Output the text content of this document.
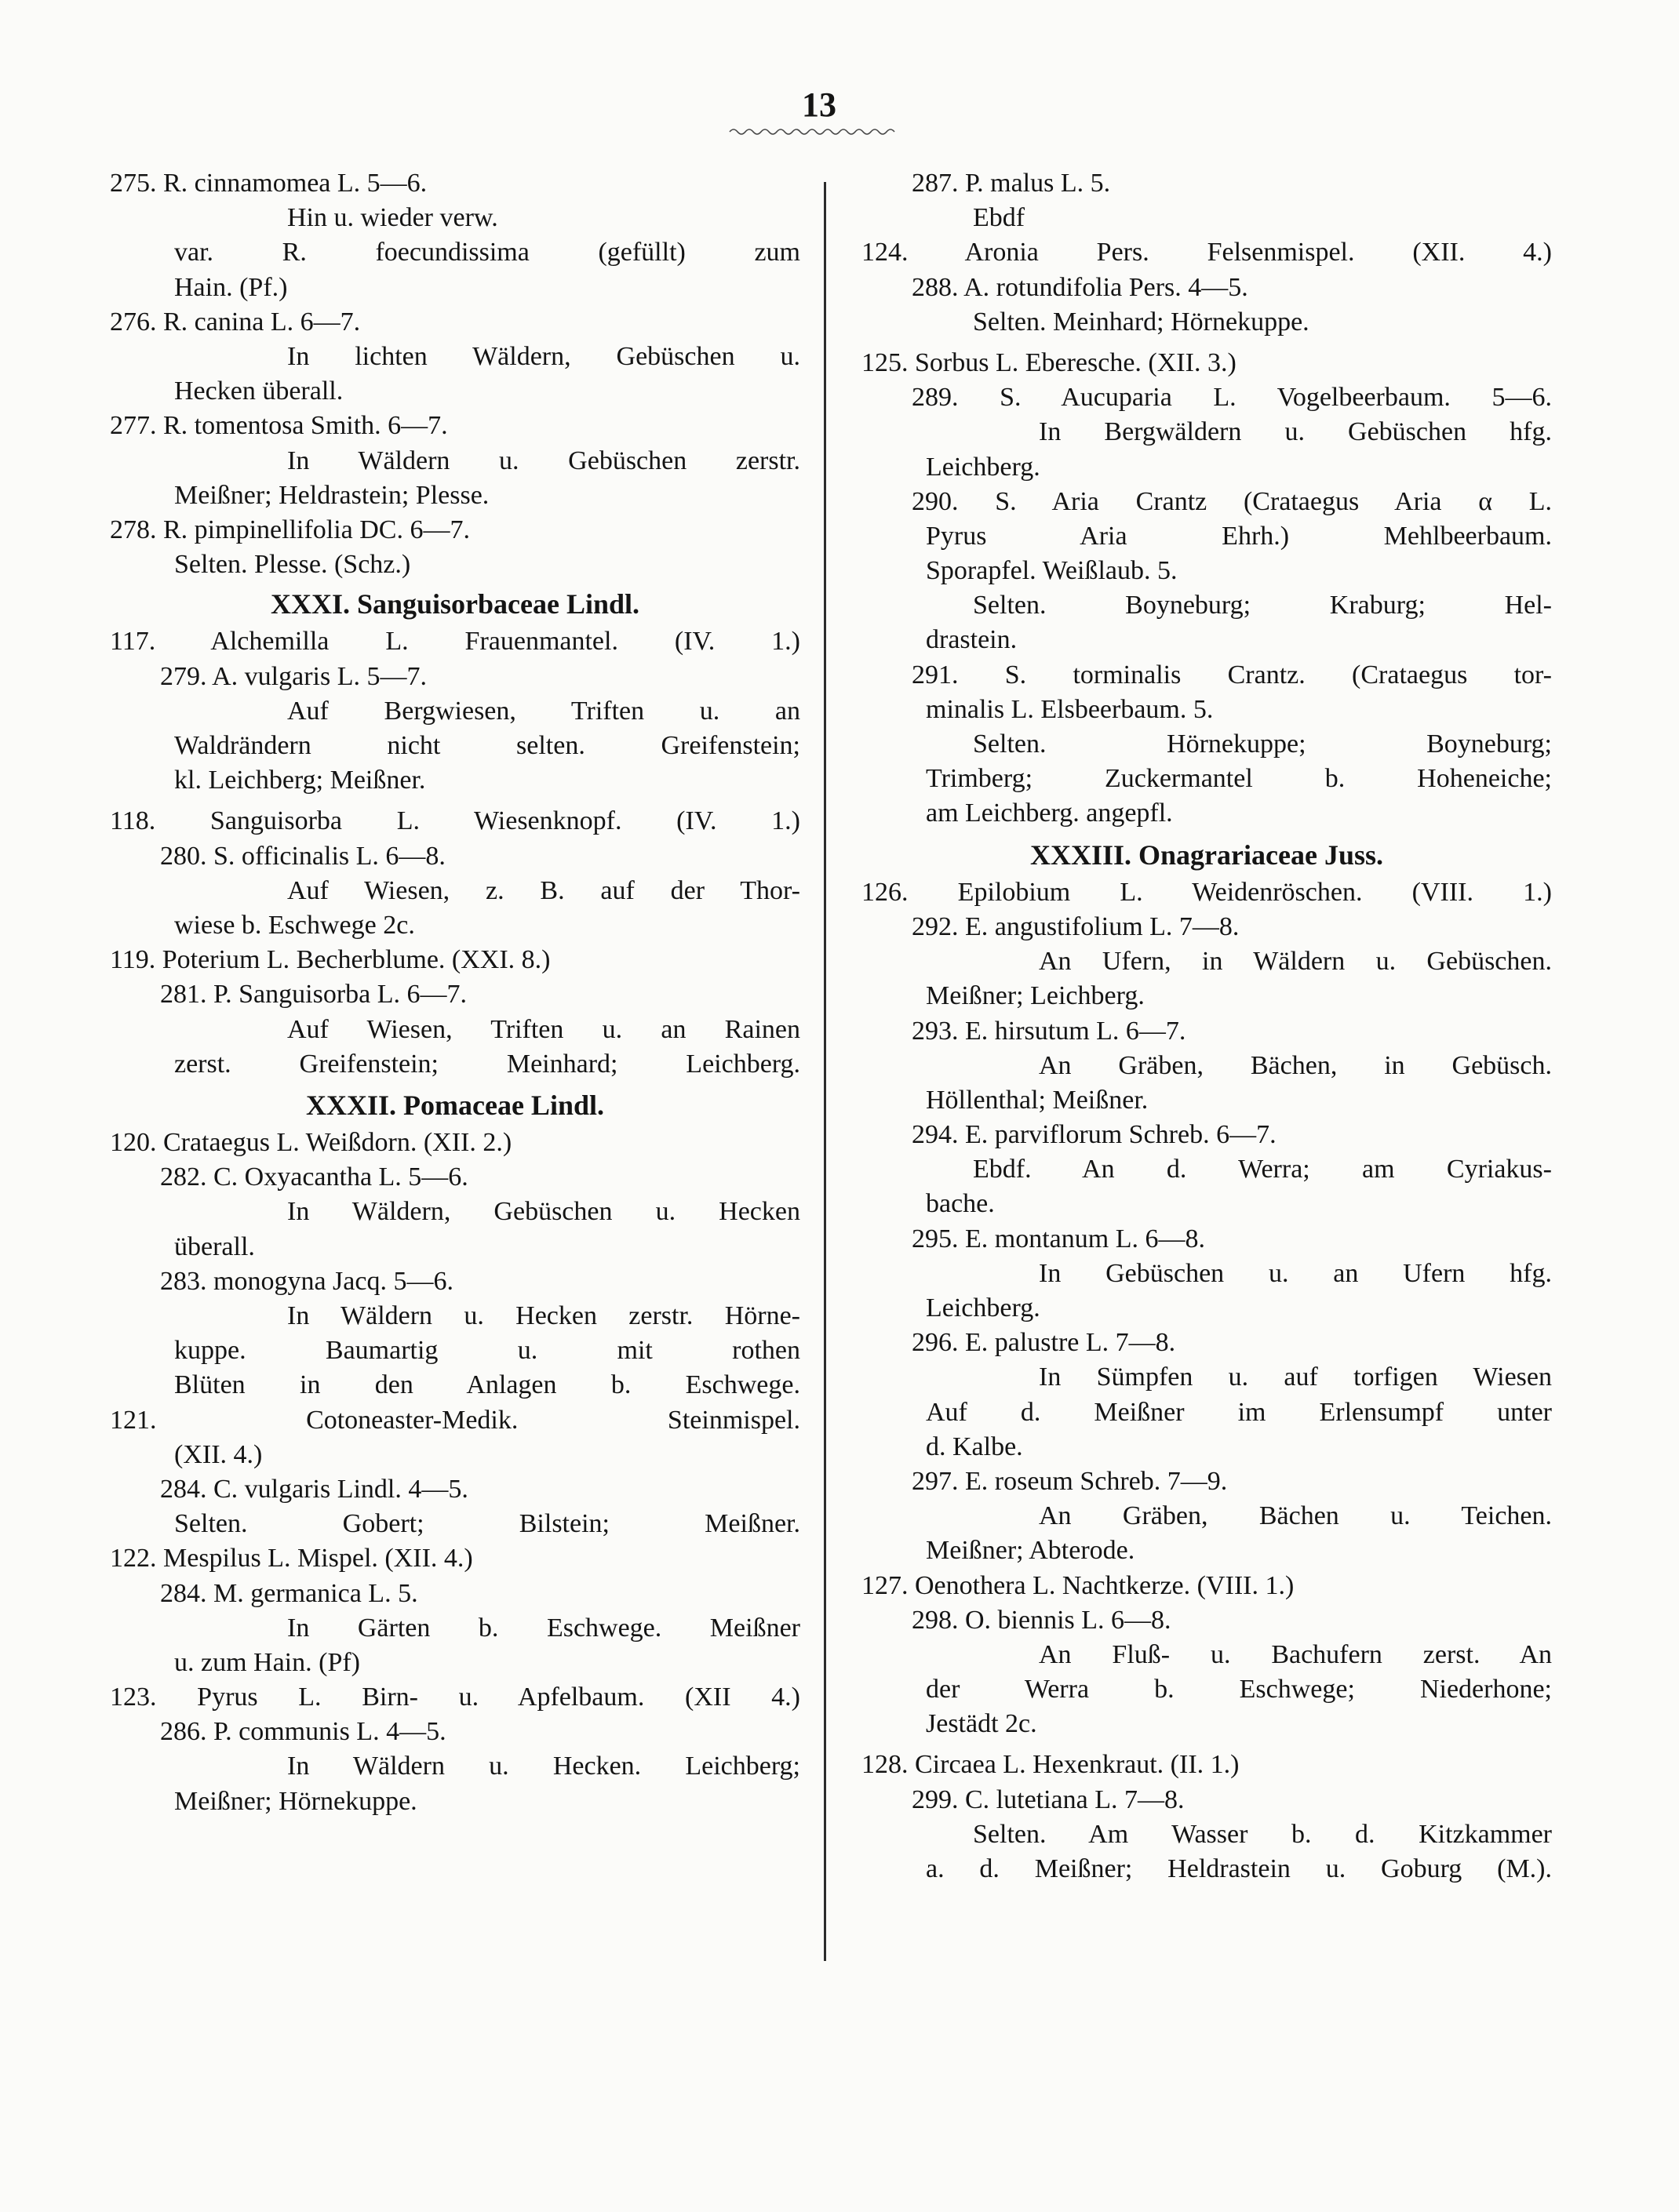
13
275. R. cinnamomea L. 5—6.
Hin u. wieder verw.
var. R. foecundissima (gefüllt) zum
Hain. (Pf.)
276. R. canina L. 6—7.
In lichten Wäldern, Gebüschen u.
Hecken überall.
277. R. tomentosa Smith. 6—7.
In Wäldern u. Gebüschen zerstr.
Meißner; Heldrastein; Plesse.
278. R. pimpinellifolia DC. 6—7.
Selten. Plesse. (Schz.)
XXXI. Sanguisorbaceae Lindl.
117. Alchemilla L. Frauenmantel. (IV. 1.)
279. A. vulgaris L. 5—7.
Auf Bergwiesen, Triften u. an
Waldrändern nicht selten. Greifenstein;
kl. Leichberg; Meißner.
118. Sanguisorba L. Wiesenknopf. (IV. 1.)
280. S. officinalis L. 6—8.
Auf Wiesen, z. B. auf der Thor-
wiese b. Eschwege 2c.
119. Poterium L. Becherblume. (XXI. 8.)
281. P. Sanguisorba L. 6—7.
Auf Wiesen, Triften u. an Rainen
zerst. Greifenstein; Meinhard; Leichberg.
XXXII. Pomaceae Lindl.
120. Crataegus L. Weißdorn. (XII. 2.)
282. C. Oxyacantha L. 5—6.
In Wäldern, Gebüschen u. Hecken
überall.
283. monogyna Jacq. 5—6.
In Wäldern u. Hecken zerstr. Hörne-
kuppe. Baumartig u. mit rothen
Blüten in den Anlagen b. Eschwege.
121. Cotoneaster-Medik. Steinmispel.
(XII. 4.)
284. C. vulgaris Lindl. 4—5.
Selten. Gobert; Bilstein; Meißner.
122. Mespilus L. Mispel. (XII. 4.)
284. M. germanica L. 5.
In Gärten b. Eschwege. Meißner
u. zum Hain. (Pf)
123. Pyrus L. Birn- u. Apfelbaum. (XII 4.)
286. P. communis L. 4—5.
In Wäldern u. Hecken. Leichberg;
Meißner; Hörnekuppe.
287. P. malus L. 5.
Ebdf
124. Aronia Pers. Felsenmispel. (XII. 4.)
288. A. rotundifolia Pers. 4—5.
Selten. Meinhard; Hörnekuppe.
125. Sorbus L. Eberesche. (XII. 3.)
289. S. Aucuparia L. Vogelbeerbaum. 5—6.
In Bergwäldern u. Gebüschen hfg.
Leichberg.
290. S. Aria Crantz (Crataegus Aria α L.
Pyrus Aria Ehrh.) Mehlbeerbaum.
Sporapfel. Weißlaub. 5.
Selten. Boyneburg; Kraburg; Hel-
drastein.
291. S. torminalis Crantz. (Crataegus tor-
minalis L. Elsbeerbaum. 5.
Selten. Hörnekuppe; Boyneburg;
Trimberg; Zuckermantel b. Hoheneiche;
am Leichberg. angepfl.
XXXIII. Onagrariaceae Juss.
126. Epilobium L. Weidenröschen. (VIII. 1.)
292. E. angustifolium L. 7—8.
An Ufern, in Wäldern u. Gebüschen.
Meißner; Leichberg.
293. E. hirsutum L. 6—7.
An Gräben, Bächen, in Gebüsch.
Höllenthal; Meißner.
294. E. parviflorum Schreb. 6—7.
Ebdf. An d. Werra; am Cyriakus-
bache.
295. E. montanum L. 6—8.
In Gebüschen u. an Ufern hfg.
Leichberg.
296. E. palustre L. 7—8.
In Sümpfen u. auf torfigen Wiesen
Auf d. Meißner im Erlensumpf unter
d. Kalbe.
297. E. roseum Schreb. 7—9.
An Gräben, Bächen u. Teichen.
Meißner; Abterode.
127. Oenothera L. Nachtkerze. (VIII. 1.)
298. O. biennis L. 6—8.
An Fluß- u. Bachufern zerst. An
der Werra b. Eschwege; Niederhone;
Jestädt 2c.
128. Circaea L. Hexenkraut. (II. 1.)
299. C. lutetiana L. 7—8.
Selten. Am Wasser b. d. Kitzkammer
a. d. Meißner; Heldrastein u. Goburg (M.).
